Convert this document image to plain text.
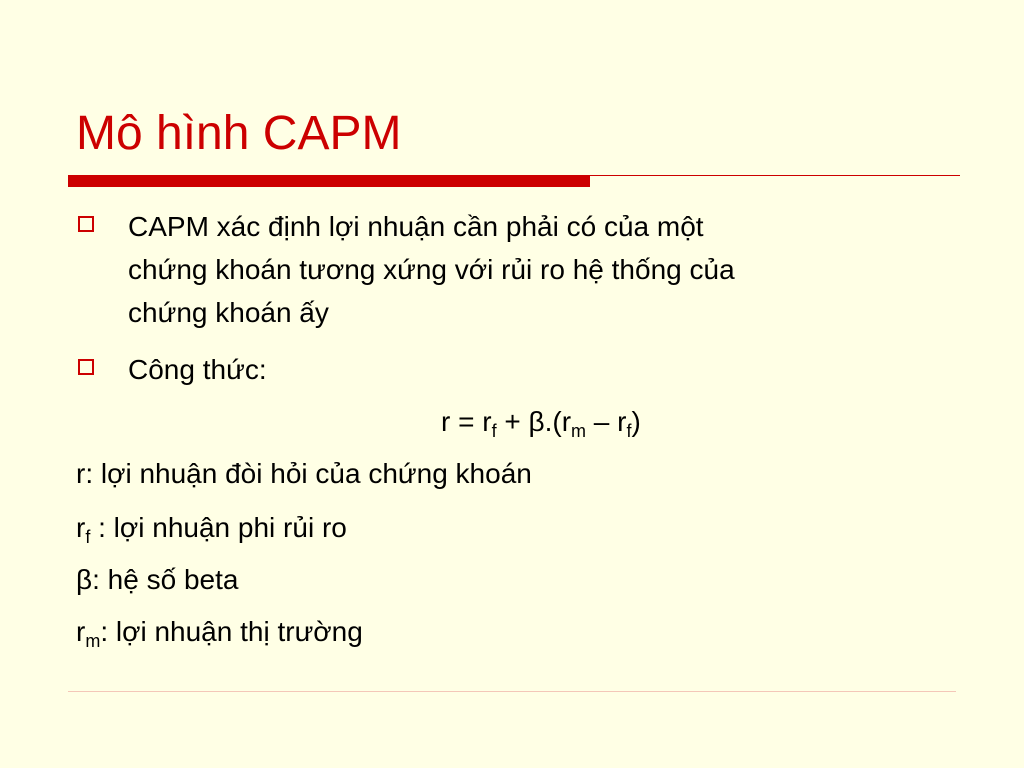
Mô hình CAPM
CAPM xác định lợi nhuận cần phải có của một
chứng khoán tương xứng với rủi ro hệ thống của
chứng khoán ấy
Công thức:
$r = r_f + \beta.(r_m - r_f)$
r: lợi nhuận đòi hỏi của chứng khoán
$r_f$ : lợi nhuận phi rủi ro
β: hệ số beta
$r_m$: lợi nhuận thị trường
